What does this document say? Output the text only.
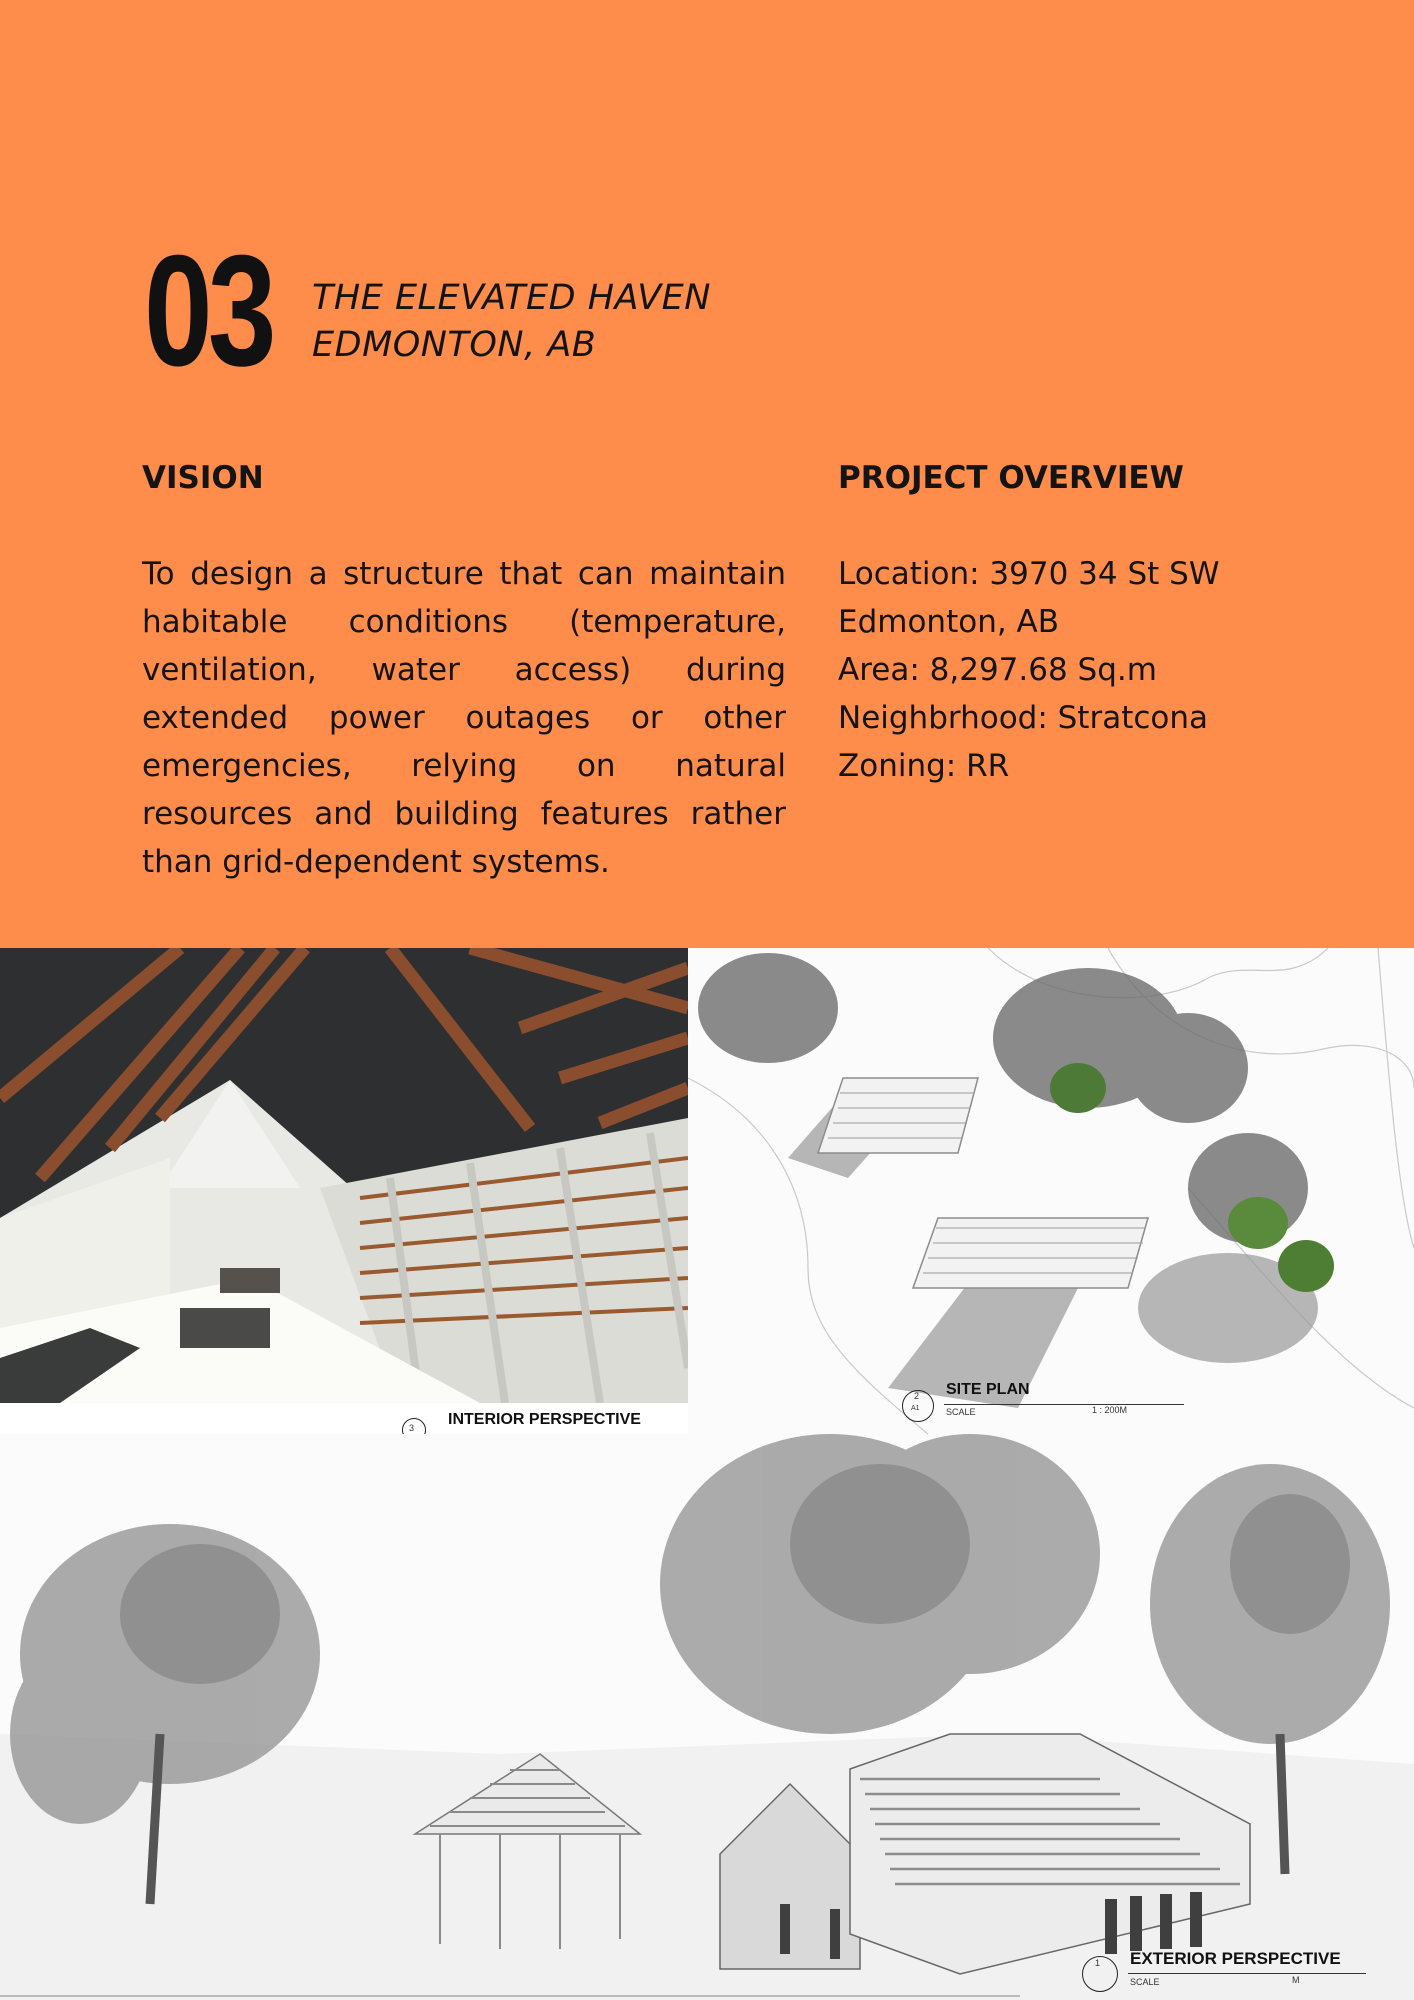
03 THE ELEVATED HAVEN
EDMONTON, AB
VISION	PROJECT OVERVIEW
To design a structure that can maintain habitable conditions (temperature, ventilation, water access) during extended power outages or other emergencies, relying on natural resources and building features rather than grid-dependent systems.
Location: 3970 34 St SW
Edmonton, AB
Area: 8,297.68 Sq.m
Neighbrhood: Stratcona
Zoning: RR
3 INTERIOR PERSPECTIVE
2
A1
SITE PLAN
SCALE	1 : 200M
1 EXTERIOR PERSPECTIVE
SCALE	M
